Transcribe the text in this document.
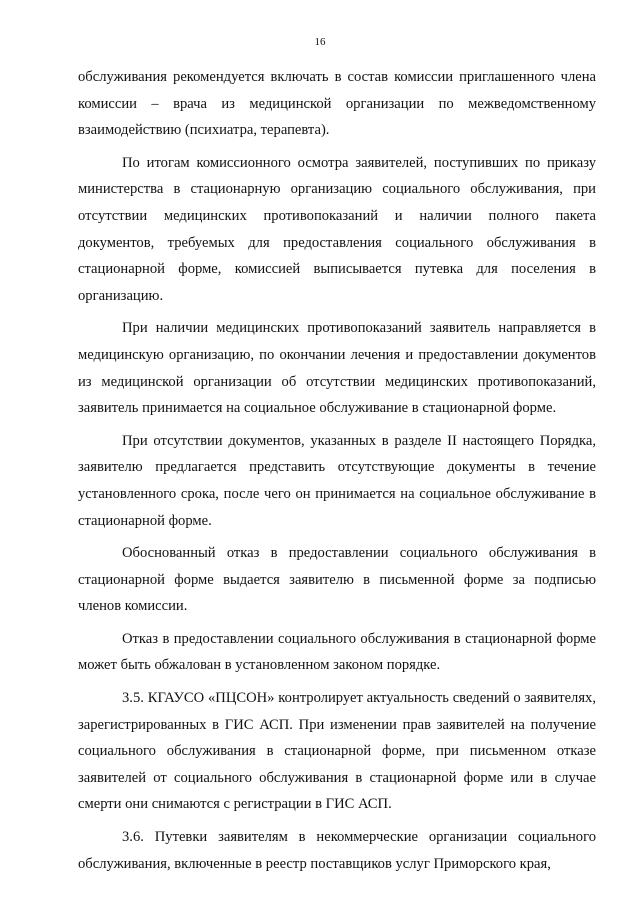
16

обслуживания рекомендуется включать в состав комиссии приглашенного члена комиссии – врача из медицинской организации по межведомственному взаимодействию (психиатра, терапевта).

По итогам комиссионного осмотра заявителей, поступивших по приказу министерства в стационарную организацию социального обслуживания, при отсутствии медицинских противопоказаний и наличии полного пакета документов, требуемых для предоставления социального обслуживания в стационарной форме, комиссией выписывается путевка для поселения в организацию.

При наличии медицинских противопоказаний заявитель направляется в медицинскую организацию, по окончании лечения и предоставлении документов из медицинской организации об отсутствии медицинских противопоказаний, заявитель принимается на социальное обслуживание в стационарной форме.

При отсутствии документов, указанных в разделе II настоящего Порядка, заявителю предлагается представить отсутствующие документы в течение установленного срока, после чего он принимается на социальное обслуживание в стационарной форме.

Обоснованный отказ в предоставлении социального обслуживания в стационарной форме выдается заявителю в письменной форме за подписью членов комиссии.

Отказ в предоставлении социального обслуживания в стационарной форме может быть обжалован в установленном законом порядке.

3.5. КГАУСО «ПЦСОН» контролирует актуальность сведений о заявителях, зарегистрированных в ГИС АСП. При изменении прав заявителей на получение социального обслуживания в стационарной форме, при письменном отказе заявителей от социального обслуживания в стационарной форме или в случае смерти они снимаются с регистрации в ГИС АСП.

3.6. Путевки заявителям в некоммерческие организации социального обслуживания, включенные в реестр поставщиков услуг Приморского края,
